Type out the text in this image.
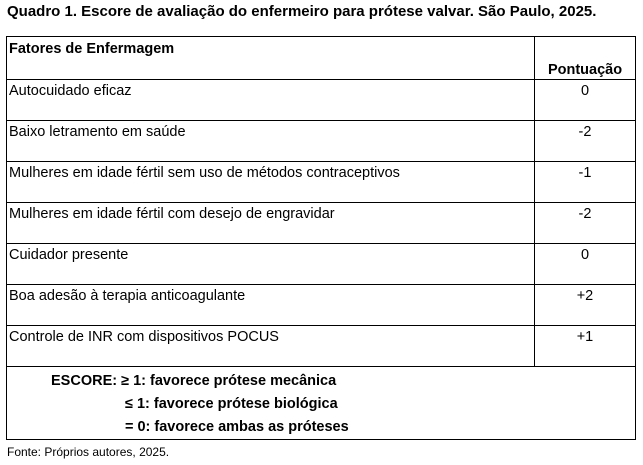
Quadro 1. Escore de avaliação do enfermeiro para prótese valvar. São Paulo, 2025.
Fatores de Enfermagem	Pontuação
Autocuidado eficaz	0
Baixo letramento em saúde	-2
Mulheres em idade fértil sem uso de métodos contraceptivos	-1
Mulheres em idade fértil com desejo de engravidar	-2
Cuidador presente	0
Boa adesão à terapia anticoagulante	+2
Controle de INR com dispositivos POCUS	+1

ESCORE: ≥ 1: favorece prótese mecânica
≤ 1: favorece prótese biológica
= 0: favorece ambas as próteses	
Fonte: Próprios autores, 2025.
